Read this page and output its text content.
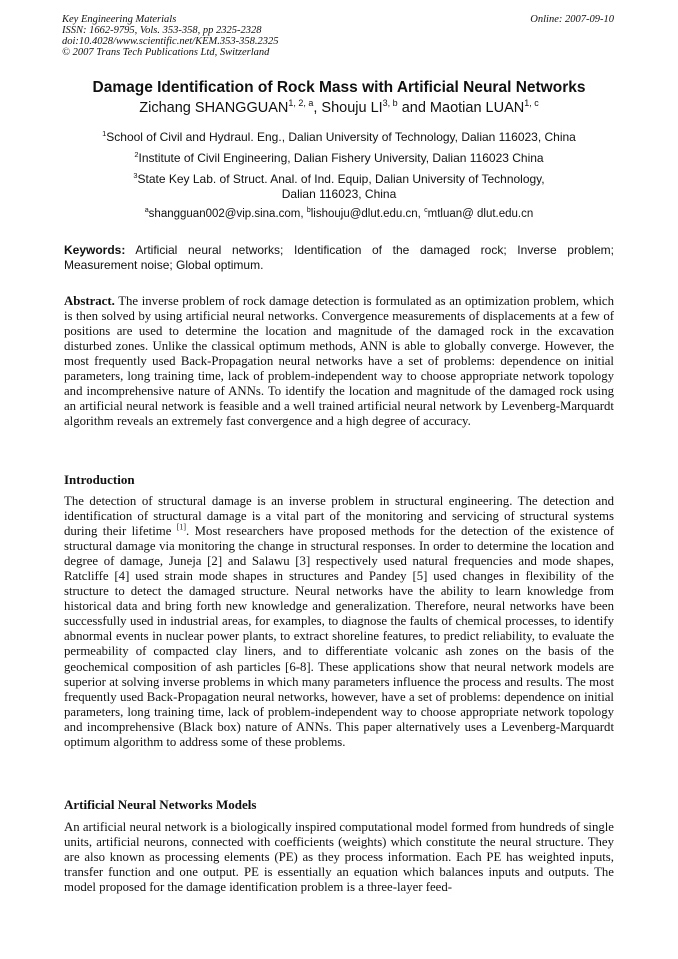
Key Engineering Materials
ISSN: 1662-9795, Vols. 353-358, pp 2325-2328
doi:10.4028/www.scientific.net/KEM.353-358.2325
© 2007 Trans Tech Publications Ltd, Switzerland
Online: 2007-09-10
Damage Identification of Rock Mass with Artificial Neural Networks
Zichang SHANGGUAN$^{1, 2, a}$, Shouju LI$^{3, b}$ and Maotian LUAN$^{1, c}$
$^1$School of Civil and Hydraul. Eng., Dalian University of Technology, Dalian 116023, China
$^2$Institute of Civil Engineering, Dalian Fishery University, Dalian 116023 China
$^3$State Key Lab. of Struct. Anal. of Ind. Equip, Dalian University of Technology,
Dalian 116023, China
$^a$shangguan002@vip.sina.com, $^b$lishouju@dlut.edu.cn, $^c$mtluan@ dlut.edu.cn
Keywords: Artificial neural networks; Identification of the damaged rock; Inverse problem; Measurement noise; Global optimum.
Abstract. The inverse problem of rock damage detection is formulated as an optimization problem, which is then solved by using artificial neural networks. Convergence measurements of displacements at a few of positions are used to determine the location and magnitude of the damaged rock in the excavation disturbed zones. Unlike the classical optimum methods, ANN is able to globally converge. However, the most frequently used Back-Propagation neural networks have a set of problems: dependence on initial parameters, long training time, lack of problem-independent way to choose appropriate network topology and incomprehensive nature of ANNs. To identify the location and magnitude of the damaged rock using an artificial neural network is feasible and a well trained artificial neural network by Levenberg-Marquardt algorithm reveals an extremely fast convergence and a high degree of accuracy.
Introduction
The detection of structural damage is an inverse problem in structural engineering. The detection and identification of structural damage is a vital part of the monitoring and servicing of structural systems during their lifetime [1]. Most researchers have proposed methods for the detection of the existence of structural damage via monitoring the change in structural responses. In order to determine the location and degree of damage, Juneja [2] and Salawu [3] respectively used natural frequencies and mode shapes, Ratcliffe [4] used strain mode shapes in structures and Pandey [5] used changes in flexibility of the structure to detect the damaged structure. Neural networks have the ability to learn knowledge from historical data and bring forth new knowledge and generalization. Therefore, neural networks have been successfully used in industrial areas, for examples, to diagnose the faults of chemical processes, to identify abnormal events in nuclear power plants, to extract shoreline features, to predict reliability, to evaluate the permeability of compacted clay liners, and to differentiate volcanic ash zones on the basis of the geochemical composition of ash particles [6-8]. These applications show that neural network models are superior at solving inverse problems in which many parameters influence the process and results. The most frequently used Back-Propagation neural networks, however, have a set of problems: dependence on initial parameters, long training time, lack of problem-independent way to choose appropriate network topology and incomprehensive (Black box) nature of ANNs. This paper alternatively uses a Levenberg-Marquardt optimum algorithm to address some of these problems.
Artificial Neural Networks Models
An artificial neural network is a biologically inspired computational model formed from hundreds of single units, artificial neurons, connected with coefficients (weights) which constitute the neural structure. They are also known as processing elements (PE) as they process information. Each PE has weighted inputs, transfer function and one output. PE is essentially an equation which balances inputs and outputs. The model proposed for the damage identification problem is a three-layer feed-
